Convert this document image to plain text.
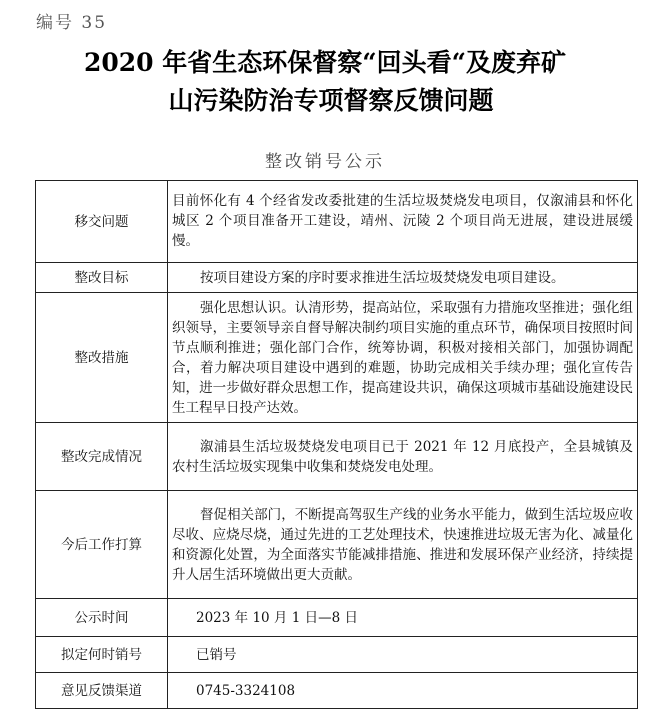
编号 35
2020 年省生态环保督察“回头看“及废弃矿
山污染防治专项督察反馈问题
整改销号公示
移交问题	目前怀化有 4 个经省发改委批建的生活垃圾焚烧发电项目，仅溆浦县和怀化城区 2 个项目准备开工建设，靖州、沅陵 2 个项目尚无进展，建设进展缓慢。
整改目标	按项目建设方案的序时要求推进生活垃圾焚烧发电项目建设。
整改措施	强化思想认识。认清形势，提高站位，采取强有力措施攻坚推进；强化组织领导，主要领导亲自督导解决制约项目实施的重点环节，确保项目按照时间节点顺利推进；强化部门合作，统筹协调，积极对接相关部门，加强协调配合，着力解决项目建设中遇到的难题，协助完成相关手续办理；强化宣传告知，进一步做好群众思想工作，提高建设共识，确保这项城市基础设施建设民生工程早日投产达效。
整改完成情况	溆浦县生活垃圾焚烧发电项目已于 2021 年 12 月底投产，全县城镇及农村生活垃圾实现集中收集和焚烧发电处理。
今后工作打算	督促相关部门，不断提高驾驭生产线的业务水平能力，做到生活垃圾应收尽收、应烧尽烧，通过先进的工艺处理技术，快速推进垃圾无害为化、减量化和资源化处置，为全面落实节能减排措施、推进和发展环保产业经济，持续提升人居生活环境做出更大贡献。
公示时间	2023 年 10 月 1 日—8 日
拟定何时销号	已销号
意见反馈渠道	0745-3324108
